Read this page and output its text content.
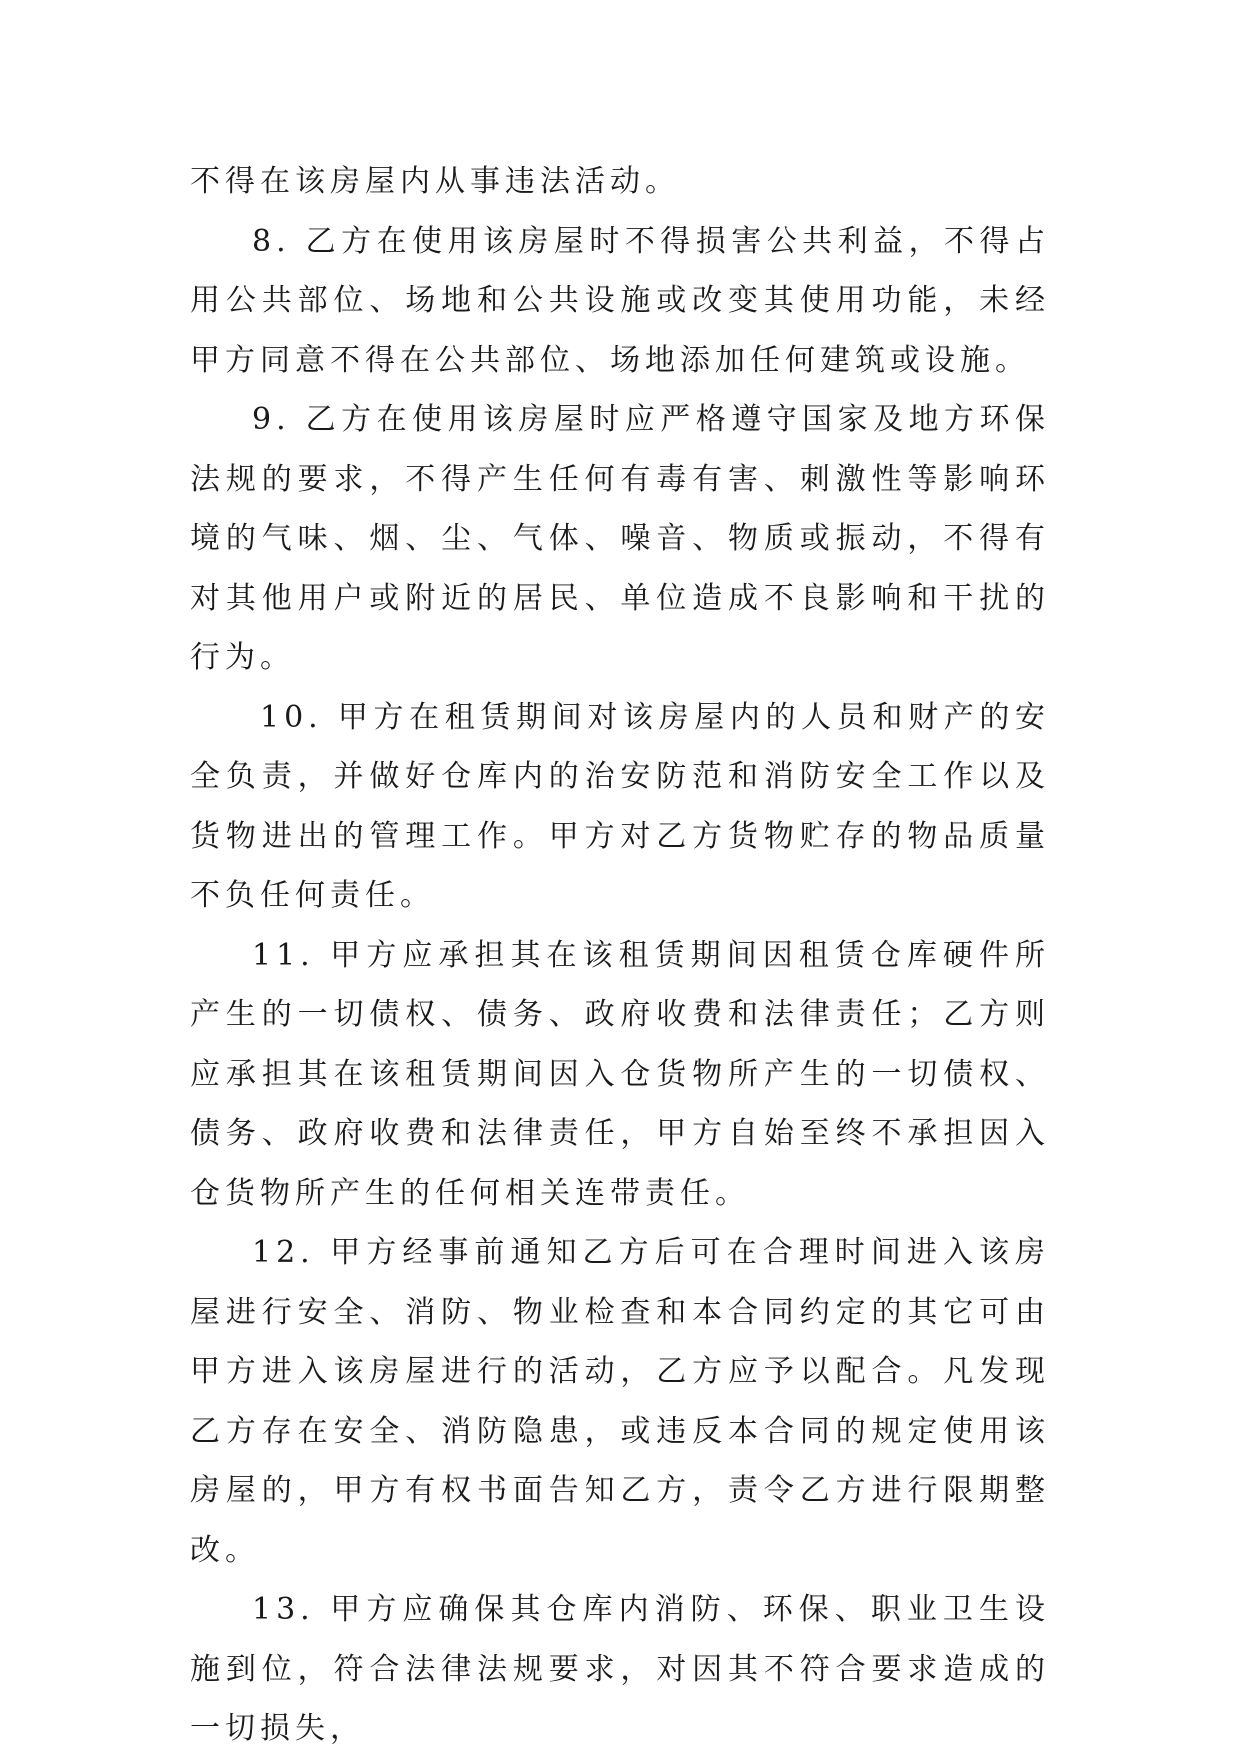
不得在该房屋内从事违法活动。

8. 乙方在使用该房屋时不得损害公共利益，不得占用公共部位、场地和公共设施或改变其使用功能，未经甲方同意不得在公共部位、场地添加任何建筑或设施。

9. 乙方在使用该房屋时应严格遵守国家及地方环保法规的要求，不得产生任何有毒有害、刺激性等影响环境的气味、烟、尘、气体、噪音、物质或振动，不得有对其他用户或附近的居民、单位造成不良影响和干扰的行为。

10. 甲方在租赁期间对该房屋内的人员和财产的安全负责，并做好仓库内的治安防范和消防安全工作以及货物进出的管理工作。甲方对乙方货物贮存的物品质量不负任何责任。

11. 甲方应承担其在该租赁期间因租赁仓库硬件所产生的一切债权、债务、政府收费和法律责任；乙方则应承担其在该租赁期间因入仓货物所产生的一切债权、债务、政府收费和法律责任，甲方自始至终不承担因入仓货物所产生的任何相关连带责任。

12. 甲方经事前通知乙方后可在合理时间进入该房屋进行安全、消防、物业检查和本合同约定的其它可由甲方进入该房屋进行的活动，乙方应予以配合。凡发现乙方存在安全、消防隐患，或违反本合同的规定使用该房屋的，甲方有权书面告知乙方，责令乙方进行限期整改。

13. 甲方应确保其仓库内消防、环保、职业卫生设施到位，符合法律法规要求，对因其不符合要求造成的一切损失，
